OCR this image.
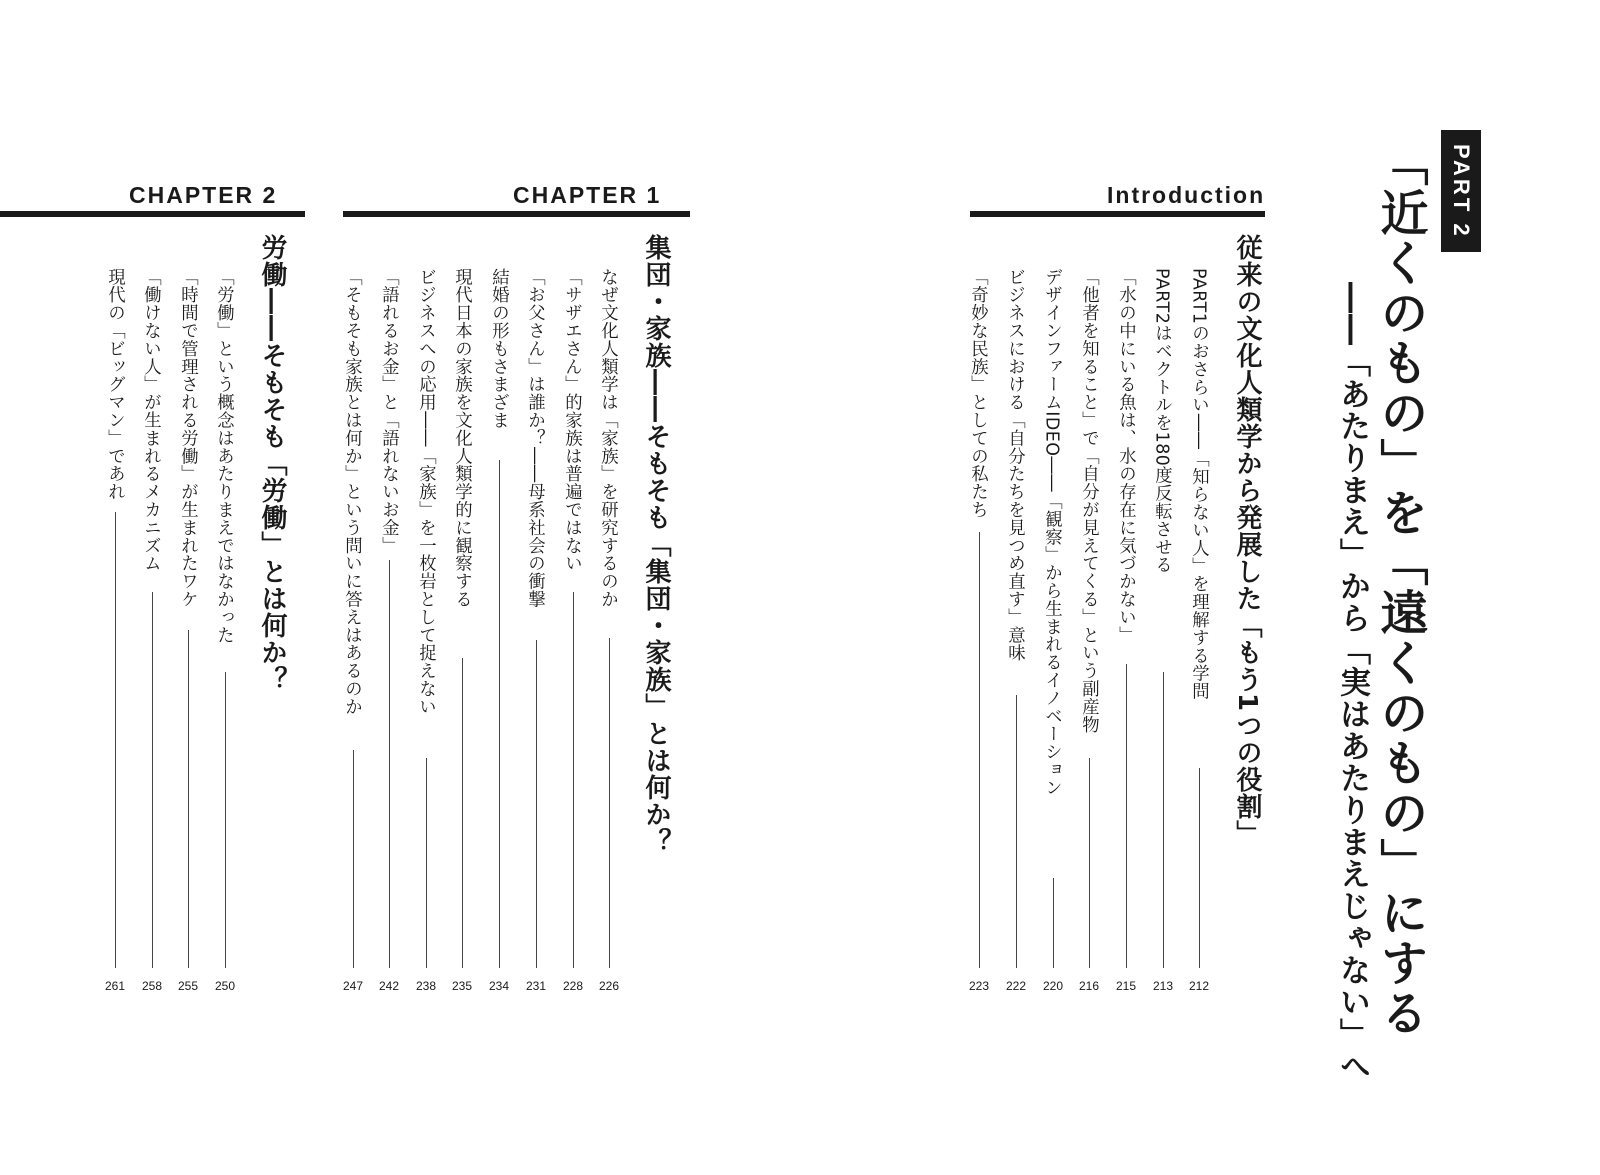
PART 2
「近くのもの」を「遠くのもの」にする
――「あたりまえ」から「実はあたりまえじゃない」へ
Introduction
従来の文化人類学から発展した「もう1つの役割」
PART1のおさらい――「知らない人」を理解する学問
212
PART2はベクトルを180度反転させる
213
「水の中にいる魚は、水の存在に気づかない」
215
「他者を知ること」で「自分が見えてくる」という副産物
216
デザインファームIDEO――「観察」から生まれるイノベーション
220
ビジネスにおける「自分たちを見つめ直す」意味
222
「奇妙な民族」としての私たち
223
CHAPTER 1
集団・家族――そもそも「集団・家族」とは何か？
なぜ文化人類学は「家族」を研究するのか
226
「サザエさん」的家族は普遍ではない
228
「お父さん」は誰か？――母系社会の衝撃
231
結婚の形もさまざま
234
現代日本の家族を文化人類学的に観察する
235
ビジネスへの応用――「家族」を一枚岩として捉えない
238
「語れるお金」と「語れないお金」
242
「そもそも家族とは何か」という問いに答えはあるのか
247
CHAPTER 2
労働――そもそも「労働」とは何か？
「労働」という概念はあたりまえではなかった
250
「時間で管理される労働」が生まれたワケ
255
「働けない人」が生まれるメカニズム
258
現代の「ビッグマン」であれ
261
